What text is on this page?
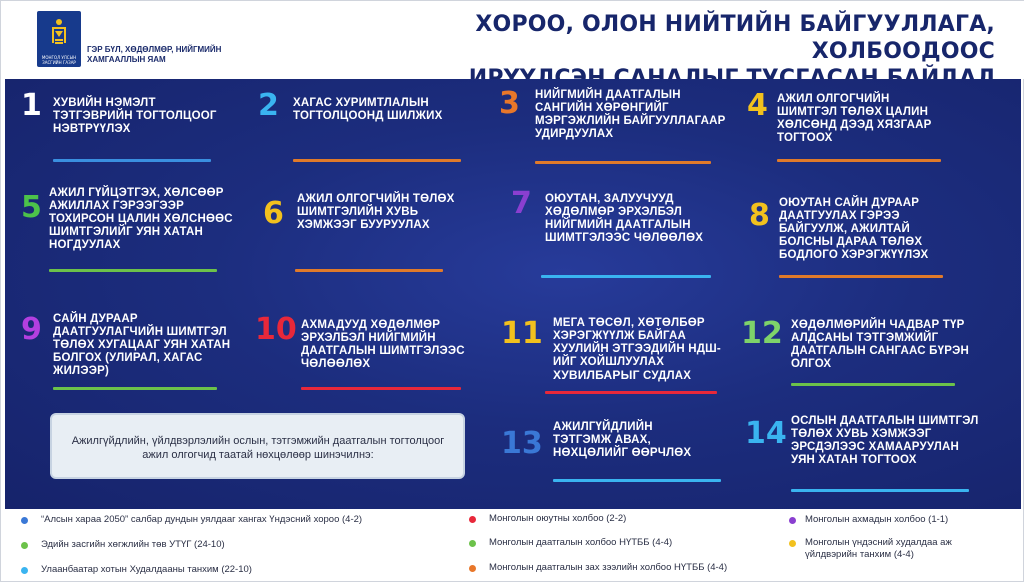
МОНГОЛ УЛСЫН ЗАСГИЙН ГАЗАР
ГЭР БҮЛ, ХӨДӨЛМӨР, НИЙГМИЙН ХАМГААЛЛЫН ЯАМ
ХОРОО, ОЛОН НИЙТИЙН БАЙГУУЛЛАГА, ХОЛБООДООС
1 ХУВИЙН НЭМЭЛТ ТЭТГЭВРИЙН ТОГТОЛЦООГ НЭВТРҮҮЛЭХ
2 ХАГАС ХУРИМТЛАЛЫН ТОГТОЛЦООНД ШИЛЖИХ	3 НИЙГМИЙН ДААТГАЛЫН САНГИЙН ХӨРӨНГИЙГ МЭРГЭЖЛИЙН БАЙГУУЛЛАГААР УДИРДУУЛАХ
4 АЖИЛ ОЛГОГЧИЙН ШИМТГЭЛ ТӨЛӨХ ЦАЛИН ХӨЛСӨНД ДЭЭД ХЯЗГААР ТОГТООХ
5 АЖИЛ ГҮЙЦЭТГЭХ, ХӨЛСӨӨР АЖИЛЛАХ ГЭРЭЭГЭЭР ТОХИРСОН ЦАЛИН ХӨЛСНӨӨС ШИМТГЭЛИЙГ УЯН ХАТАН НОГДУУЛАХ
6 АЖИЛ ОЛГОГЧИЙН ТӨЛӨХ ШИМТГЭЛИЙН ХУВЬ ХЭМЖЭЭГ БУУРУУЛАХ
7 ОЮУТАН, ЗАЛУУЧУУД ХӨДӨЛМӨР ЭРХЭЛБЭЛ НИЙГМИЙН ДААТГАЛЫН ШИМТГЭЛЭЭС ЧӨЛӨӨЛӨХ
8 ОЮУТАН САЙН ДУРААР ДААТГУУЛАХ ГЭРЭЭ БАЙГУУЛЖ, АЖИЛТАЙ БОЛСНЫ ДАРАА ТӨЛӨХ БОДЛОГО ХЭРЭГЖҮҮЛЭХ
9 САЙН ДУРААР ДААТГУУЛАГЧИЙН ШИМТГЭЛ ТӨЛӨХ ХУГАЦААГ УЯН ХАТАН БОЛГОХ (УЛИРАЛ, ХАГАС ЖИЛЭЭР)
10 АХМАДУУД ХӨДӨЛМӨР ЭРХЭЛБЭЛ НИЙГМИЙН ДААТГАЛЫН ШИМТГЭЛЭЭС ЧӨЛӨӨЛӨХ
11 МЕГА ТӨСӨЛ, ХӨТӨЛБӨР ХЭРЭГЖҮҮЛЖ БАЙГАА ХУУЛИЙН ЭТГЭЭДИЙН НДШ-ИЙГ ХОЙШЛУУЛАХ ХУВИЛБАРЫГ СУДЛАХ
12 ХӨДӨЛМӨРИЙН ЧАДВАР ТҮР АЛДСАНЫ ТЭТГЭМЖИЙГ ДААТГАЛЫН САНГААС БҮРЭН ОЛГОХ

Ажилгүйдлийн, үйлдвэрлэлийн ослын, тэтгэмжийн даатгалын тогтолцоог ажил олгогчид таатай нөхцөлөөр шинэчилнэ:	13 АЖИЛГҮЙДЛИЙН ТЭТГЭМЖ АВАХ, НӨХЦӨЛИЙГ ӨӨРЧЛӨХ
14 ОСЛЫН ДААТГАЛЫН ШИМТГЭЛ ТӨЛӨХ ХУВЬ ХЭМЖЭЭГ ЭРСДЭЛЭЭС ХАМААРУУЛАН УЯН ХАТАН ТОГТООХ
“Алсын хараа 2050” салбар дундын уялдааг хангах Үндэсний хороо (4-2)
Эдийн засгийн хөгжлийн төв УТҮГ (24-10)
Улаанбаатар хотын Худалдааны танхим (22-10)
Монголын оюутны холбоо (2-2)
Монголын даатгалын холбоо НҮТББ (4-4)
Монголын даатгалын зах зээлийн холбоо НҮТББ (4-4)
Монголын ахмадын холбоо (1-1)
Монголын үндэсний худалдаа аж үйлдвэрийн танхим (4-4)
